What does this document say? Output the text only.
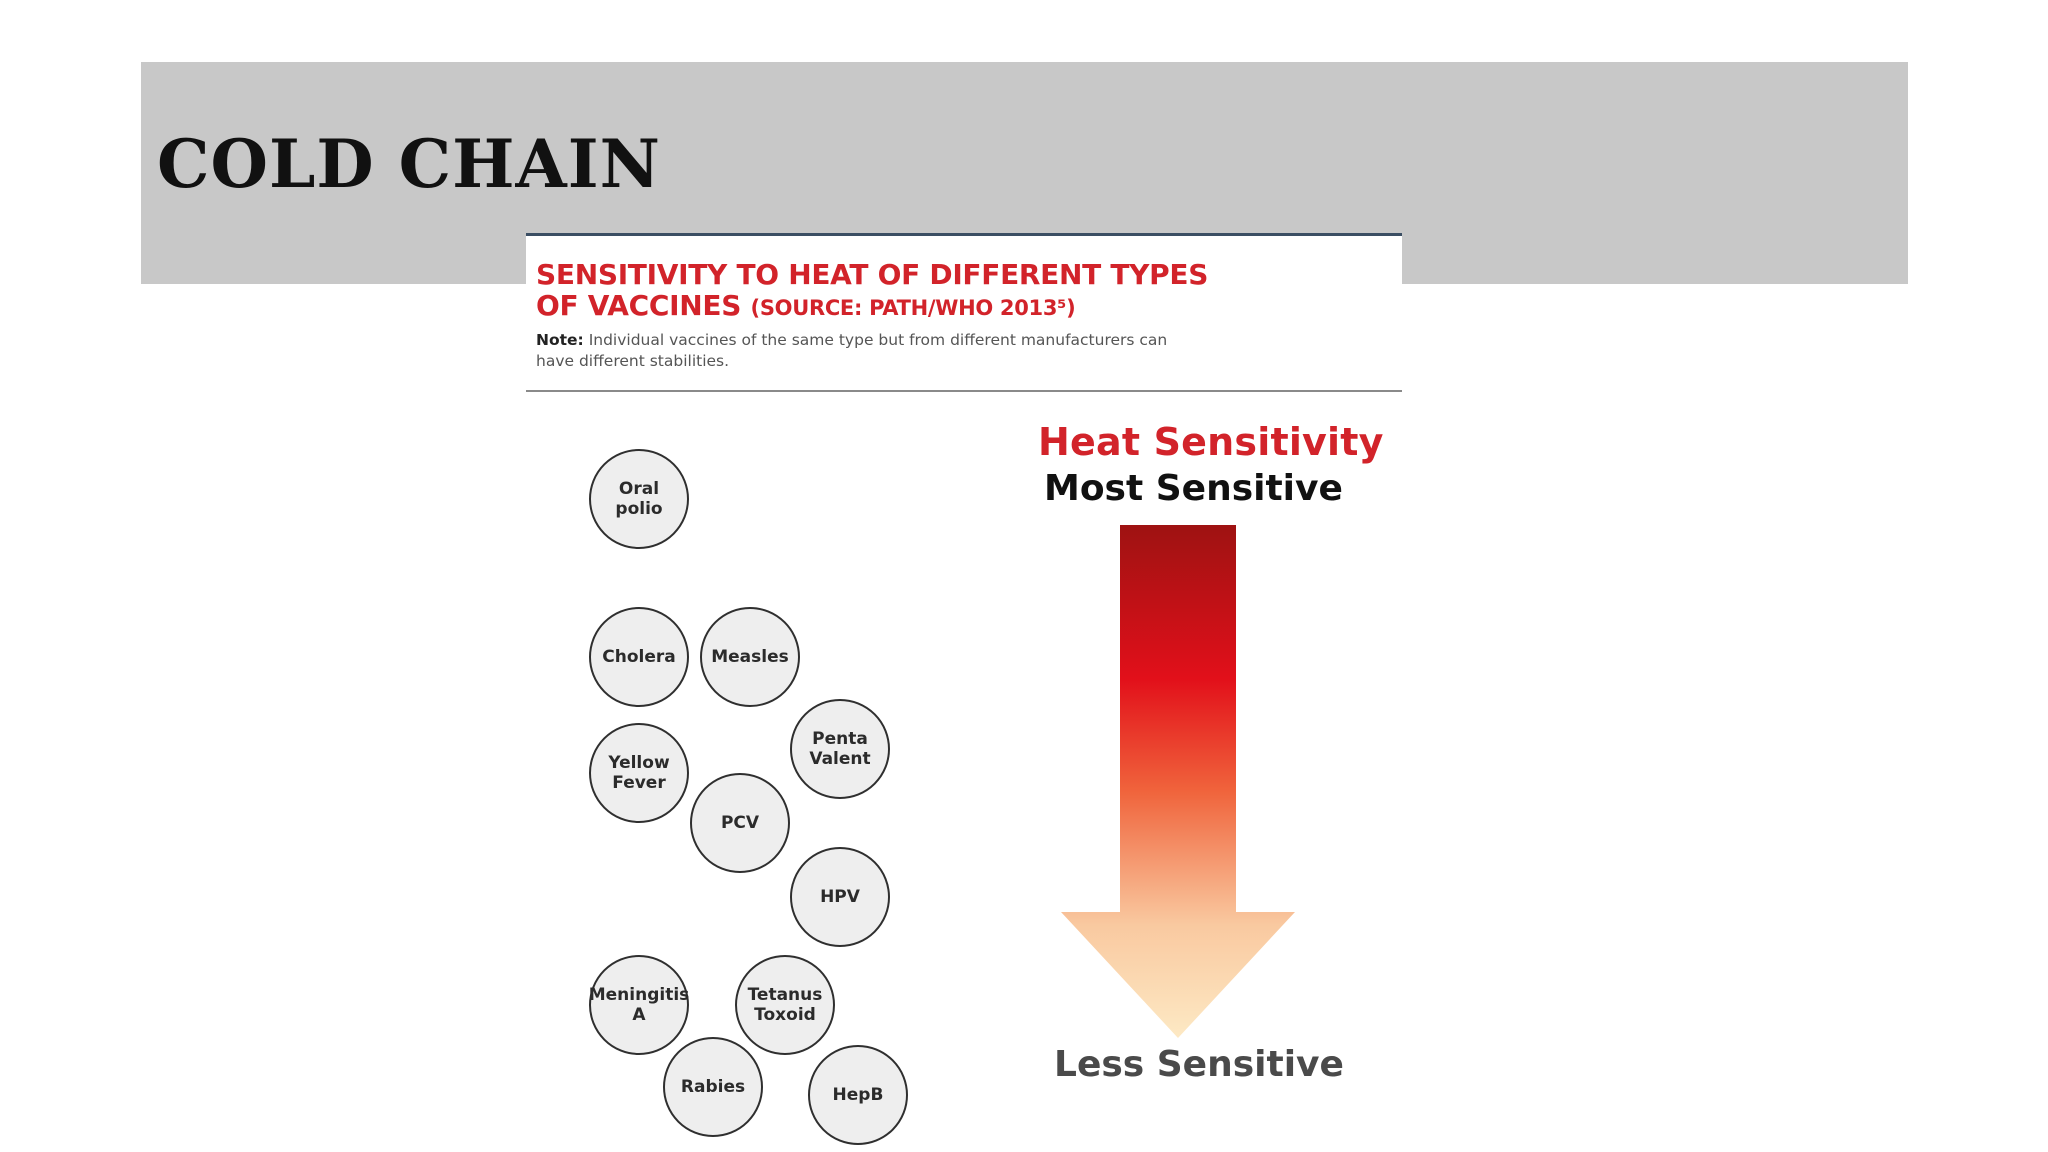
COLD CHAIN
SENSITIVITY TO HEAT OF DIFFERENT TYPES
OF VACCINES (SOURCE: PATH/WHO 2013⁵)
Note: Individual vaccines of the same type but from different manufacturers can have different stabilities.
Oral
polio
Cholera	Measles
Penta
Valent
Yellow
Fever
PCV
HPV
Meningitis
A
Tetanus
Toxoid
Rabies	HepB
Heat Sensitivity
Most Sensitive
Less Sensitive
